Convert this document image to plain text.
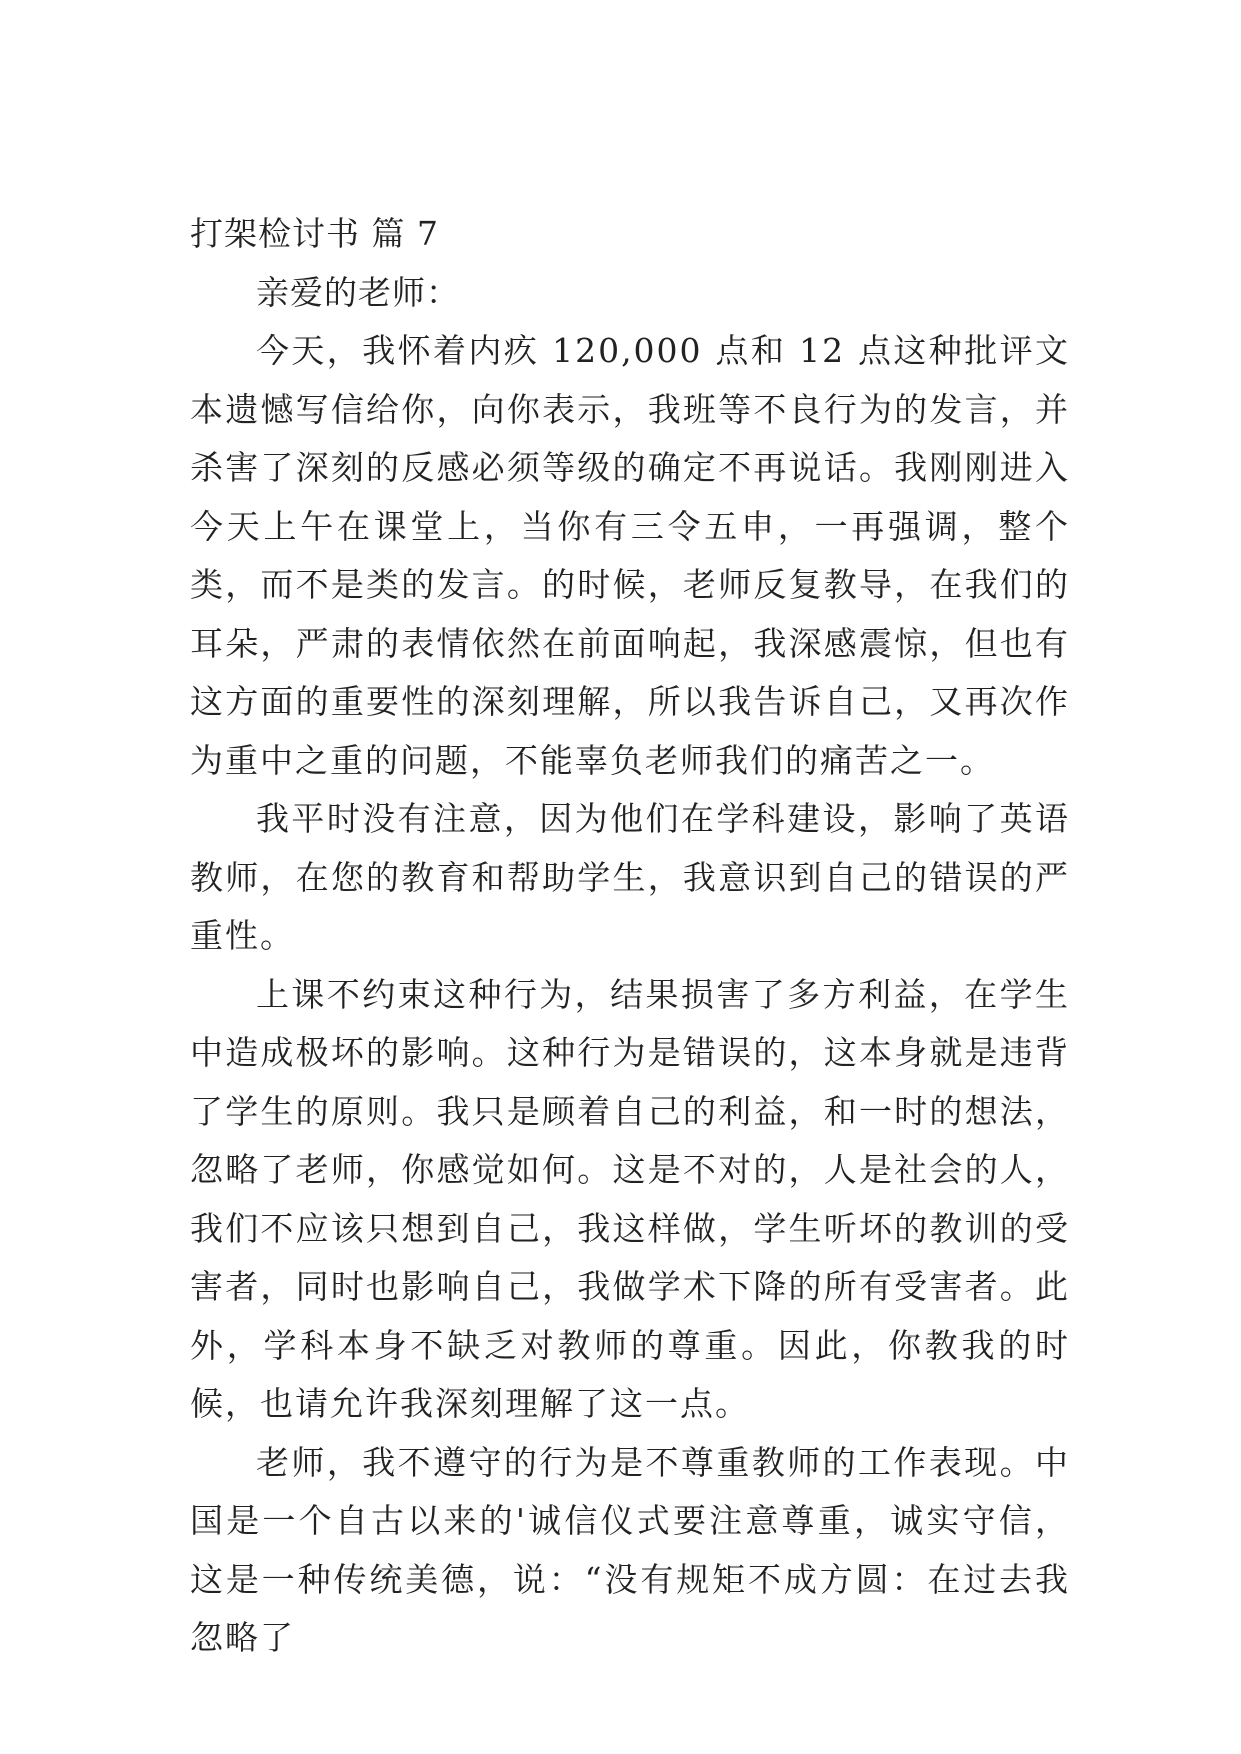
打架检讨书 篇 7

亲爱的老师：

今天，我怀着内疚 120,000 点和 12 点这种批评文本遗憾写信给你，向你表示，我班等不良行为的发言，并杀害了深刻的反感必须等级的确定不再说话。我刚刚进入今天上午在课堂上，当你有三令五申，一再强调，整个类，而不是类的发言。的时候，老师反复教导，在我们的耳朵，严肃的表情依然在前面响起，我深感震惊，但也有这方面的重要性的深刻理解，所以我告诉自己，又再次作为重中之重的问题，不能辜负老师我们的痛苦之一。

我平时没有注意，因为他们在学科建设，影响了英语教师，在您的教育和帮助学生，我意识到自己的错误的严重性。

上课不约束这种行为，结果损害了多方利益，在学生中造成极坏的影响。这种行为是错误的，这本身就是违背了学生的原则。我只是顾着自己的利益，和一时的想法，忽略了老师，你感觉如何。这是不对的，人是社会的人，我们不应该只想到自己，我这样做，学生听坏的教训的受害者，同时也影响自己，我做学术下降的所有受害者。此外，学科本身不缺乏对教师的尊重。因此，你教我的时候，也请允许我深刻理解了这一点。

老师，我不遵守的行为是不尊重教师的工作表现。中国是一个自古以来的'诚信仪式要注意尊重，诚实守信，这是一种传统美德，说：“没有规矩不成方圆：在过去我忽略了
